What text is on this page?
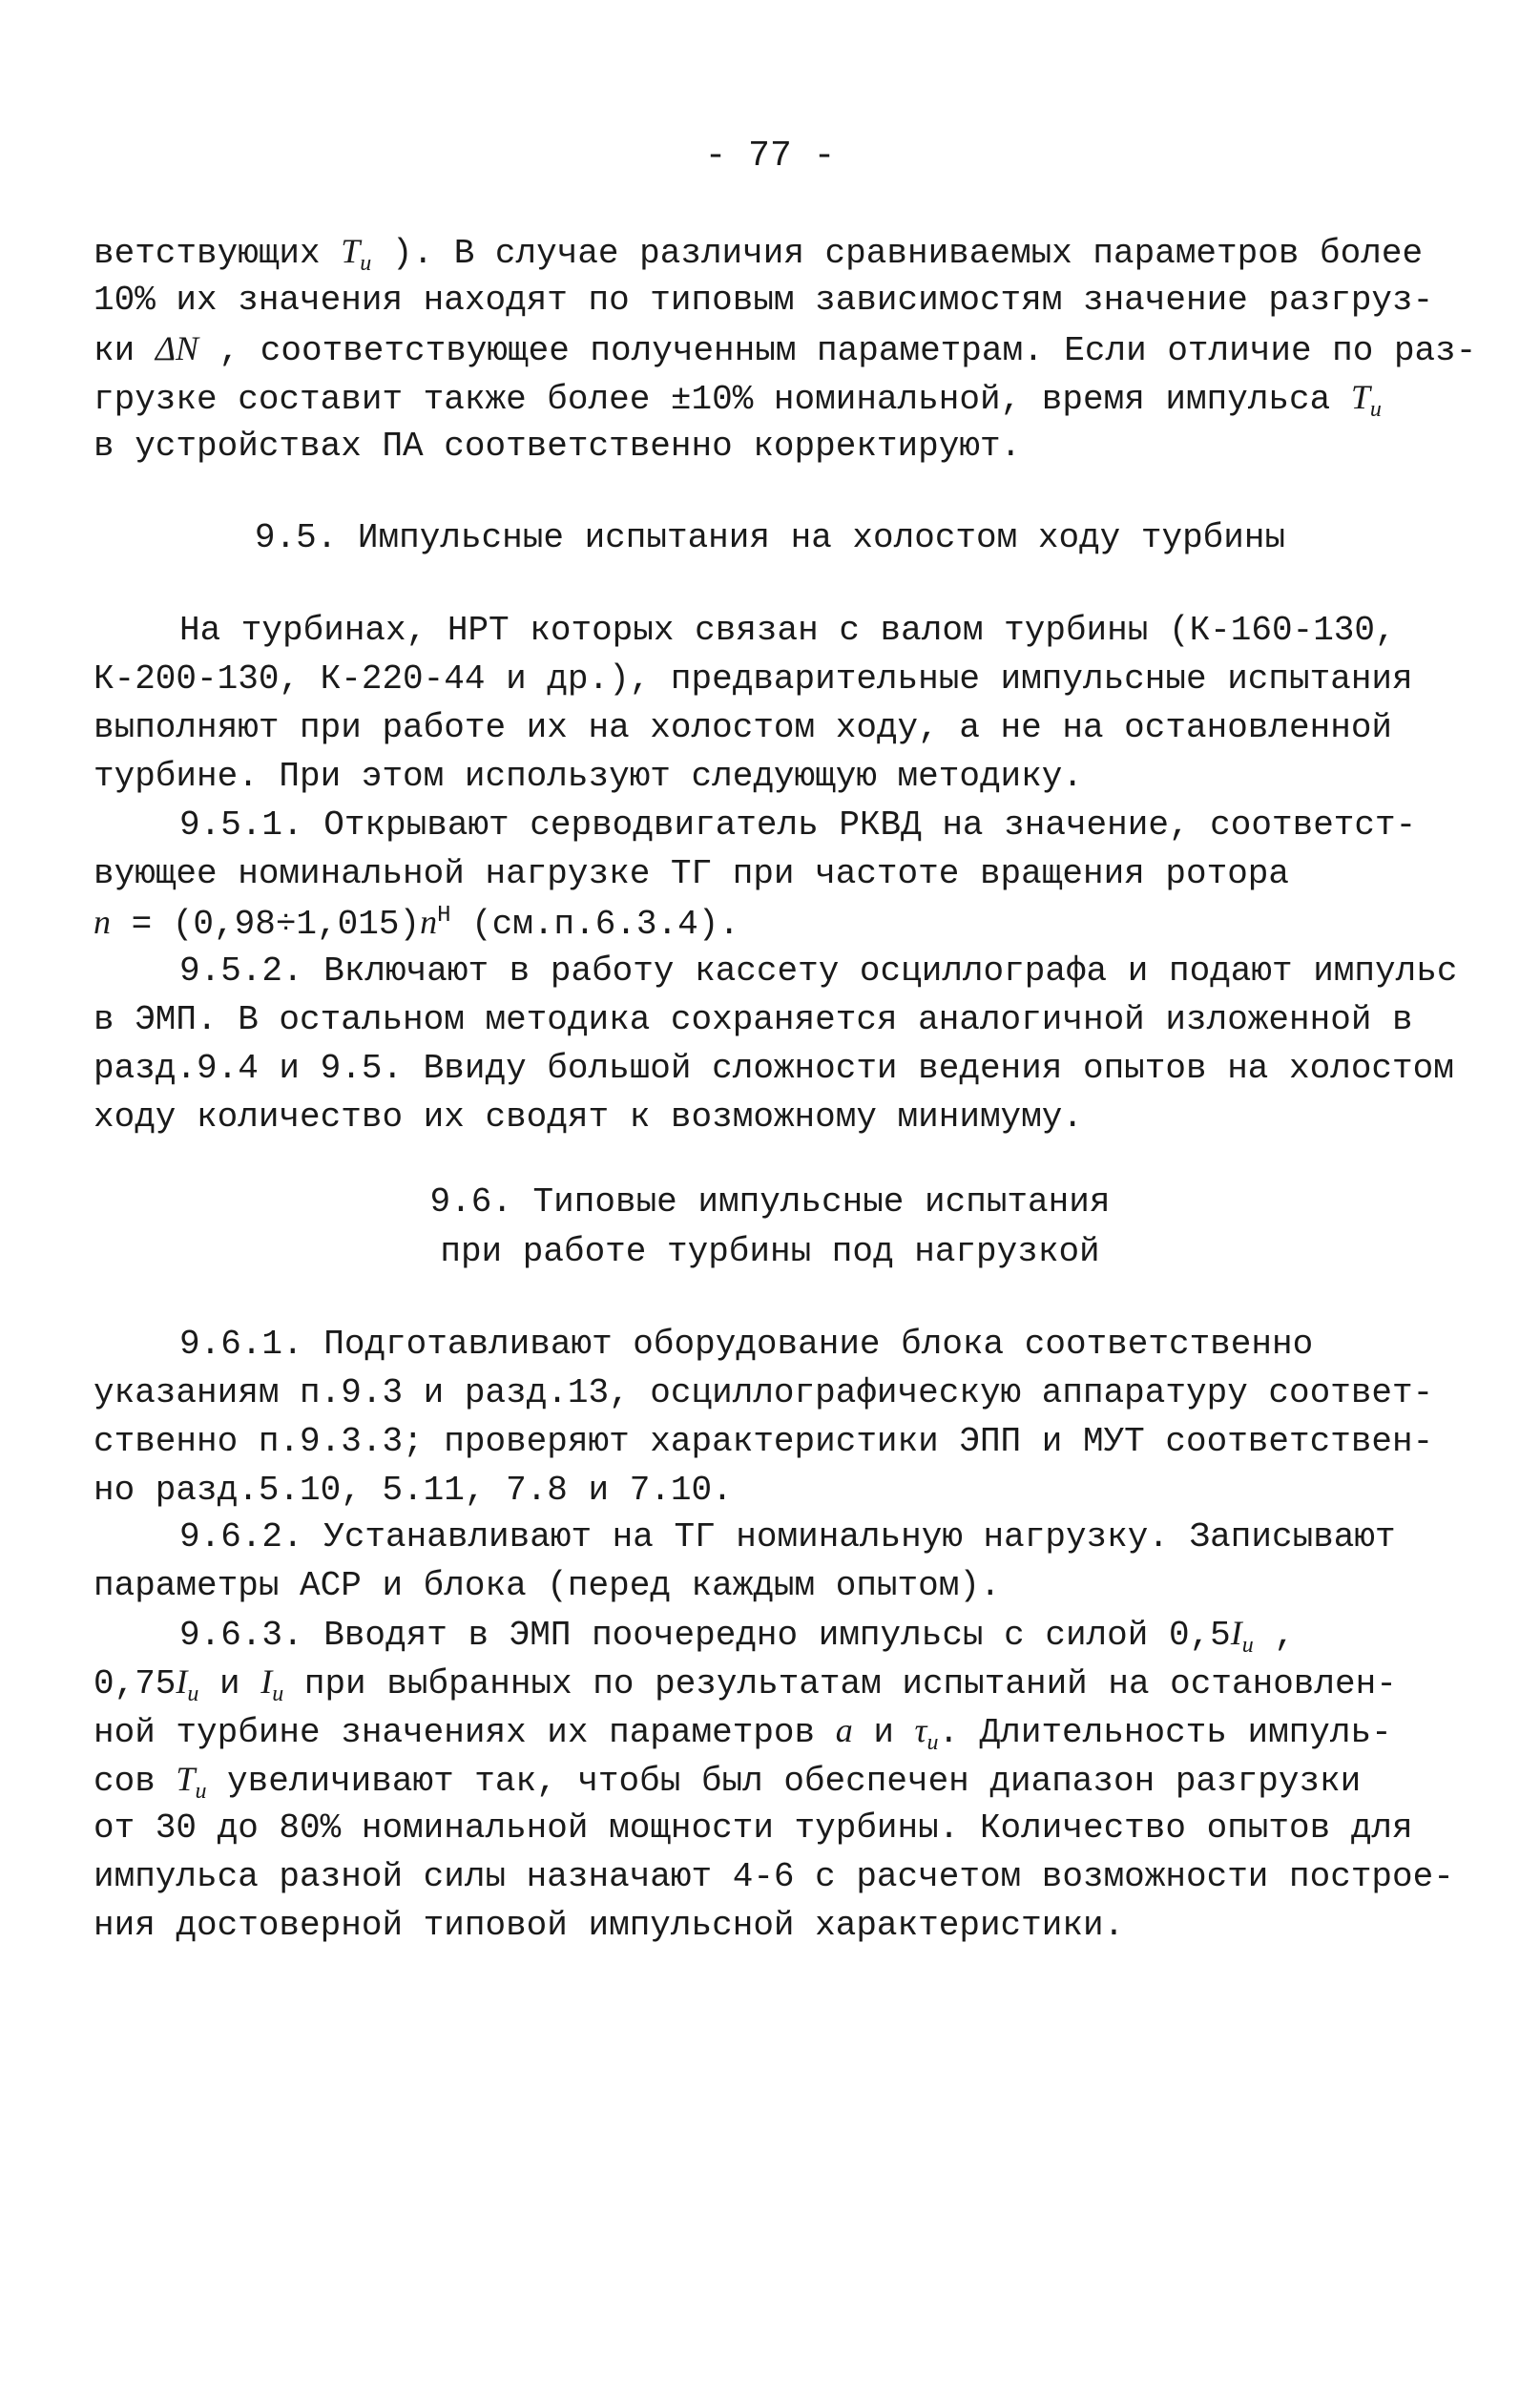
- 77 -
ветствующих $T_u$ ). В случае различия сравниваемых параметров более
10% их значения находят по типовым зависимостям значение разгруз-
ки ΔN , соответствующее полученным параметрам. Если отличие по раз-
грузке составит также более ±10% номинальной, время импульса $T_u$
в устройствах ПА соответственно корректируют.
9.5. Импульсные испытания на холостом ходу турбины
На турбинах, НРТ которых связан с валом турбины (К-160-130,
К-200-130, К-220-44 и др.), предварительные импульсные испытания
выполняют при работе их на холостом ходу, а не на остановленной
турбине. При этом используют следующую методику.
9.5.1. Открывают серводвигатель РКВД на значение, соответст-
вующее номинальной нагрузке ТГ при частоте вращения ротора
$n = (0,98\div 1,015)n^H$ (см.п.6.3.4).
9.5.2. Включают в работу кассету осциллографа и подают импульс
в ЭМП. В остальном методика сохраняется аналогичной изложенной в
разд.9.4 и 9.5. Ввиду большой сложности ведения опытов на холостом
ходу количество их сводят к возможному минимуму.
9.6. Типовые импульсные испытания
при работе турбины под нагрузкой
9.6.1. Подготавливают оборудование блока соответственно
указаниям п.9.3 и разд.13, осциллографическую аппаратуру соответ-
ственно п.9.3.3; проверяют характеристики ЭПП и МУТ соответствен-
но разд.5.10, 5.11, 7.8 и 7.10.
9.6.2. Устанавливают на ТГ номинальную нагрузку. Записывают
параметры АСР и блока (перед каждым опытом).
9.6.3. Вводят в ЭМП поочередно импульсы с силой $0,5I_u$ ,
$0,75I_u$ и $I_u$ при выбранных по результатам испытаний на остановлен-
ной турбине значениях их параметров a и $\tau_u$. Длительность импуль-
сов $T_u$ увеличивают так, чтобы был обеспечен диапазон разгрузки
от 30 до 80% номинальной мощности турбины. Количество опытов для
импульса разной силы назначают 4-6 с расчетом возможности построе-
ния достоверной типовой импульсной характеристики.
